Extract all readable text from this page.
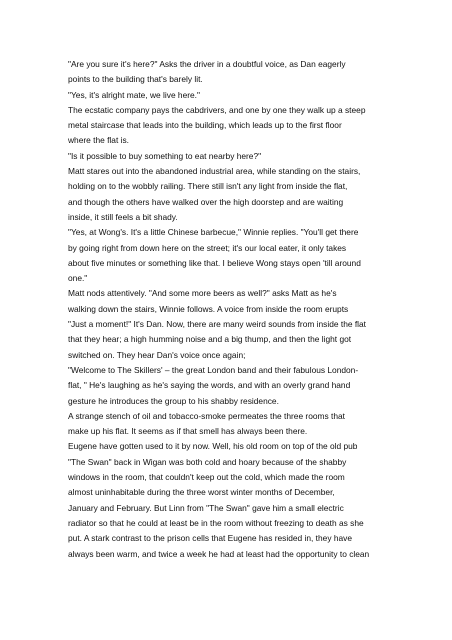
"Are you sure it's here?" Asks the driver in a doubtful voice, as Dan eagerly
points to the building that's barely lit.
"Yes, it's alright mate, we live here."
The ecstatic company pays the cabdrivers, and one by one they walk up a steep
metal staircase that leads into the building, which leads up to the first floor
where the flat is.
"Is it possible to buy something to eat nearby here?"
Matt stares out into the abandoned industrial area, while standing on the stairs,
holding on to the wobbly railing. There still isn't any light from inside the flat,
and though the others have walked over the high doorstep and are waiting
inside, it still feels a bit shady.
"Yes, at Wong's. It's a little Chinese barbecue," Winnie replies. "You'll get there
by going right from down here on the street; it's our local eater, it only takes
about five minutes or something like that. I believe Wong stays open 'till around
one."
Matt nods attentively. "And some more beers as well?" asks Matt as he's
walking down the stairs, Winnie follows. A voice from inside the room erupts
"Just a moment!" It's Dan. Now, there are many weird sounds from inside the flat
that they hear; a high humming noise and a big thump, and then the light got
switched on. They hear Dan's voice once again;
"Welcome to The Skillers' – the great London band and their fabulous London-
flat, " He's laughing as he's saying the words, and with an overly grand hand
gesture he introduces the group to his shabby residence.
A strange stench of oil and tobacco-smoke permeates the three rooms that
make up his flat. It seems as if that smell has always been there.
Eugene have gotten used to it by now. Well, his old room on top of the old pub
"The Swan" back in Wigan was both cold and hoary because of the shabby
windows in the room, that couldn't keep out the cold, which made the room
almost uninhabitable during the three worst winter months of December,
January and February. But Linn from "The Swan" gave him a small electric
radiator so that he could at least be in the room without freezing to death as she
put. A stark contrast to the prison cells that Eugene has resided in, they have
always been warm, and twice a week he had at least had the opportunity to clean
